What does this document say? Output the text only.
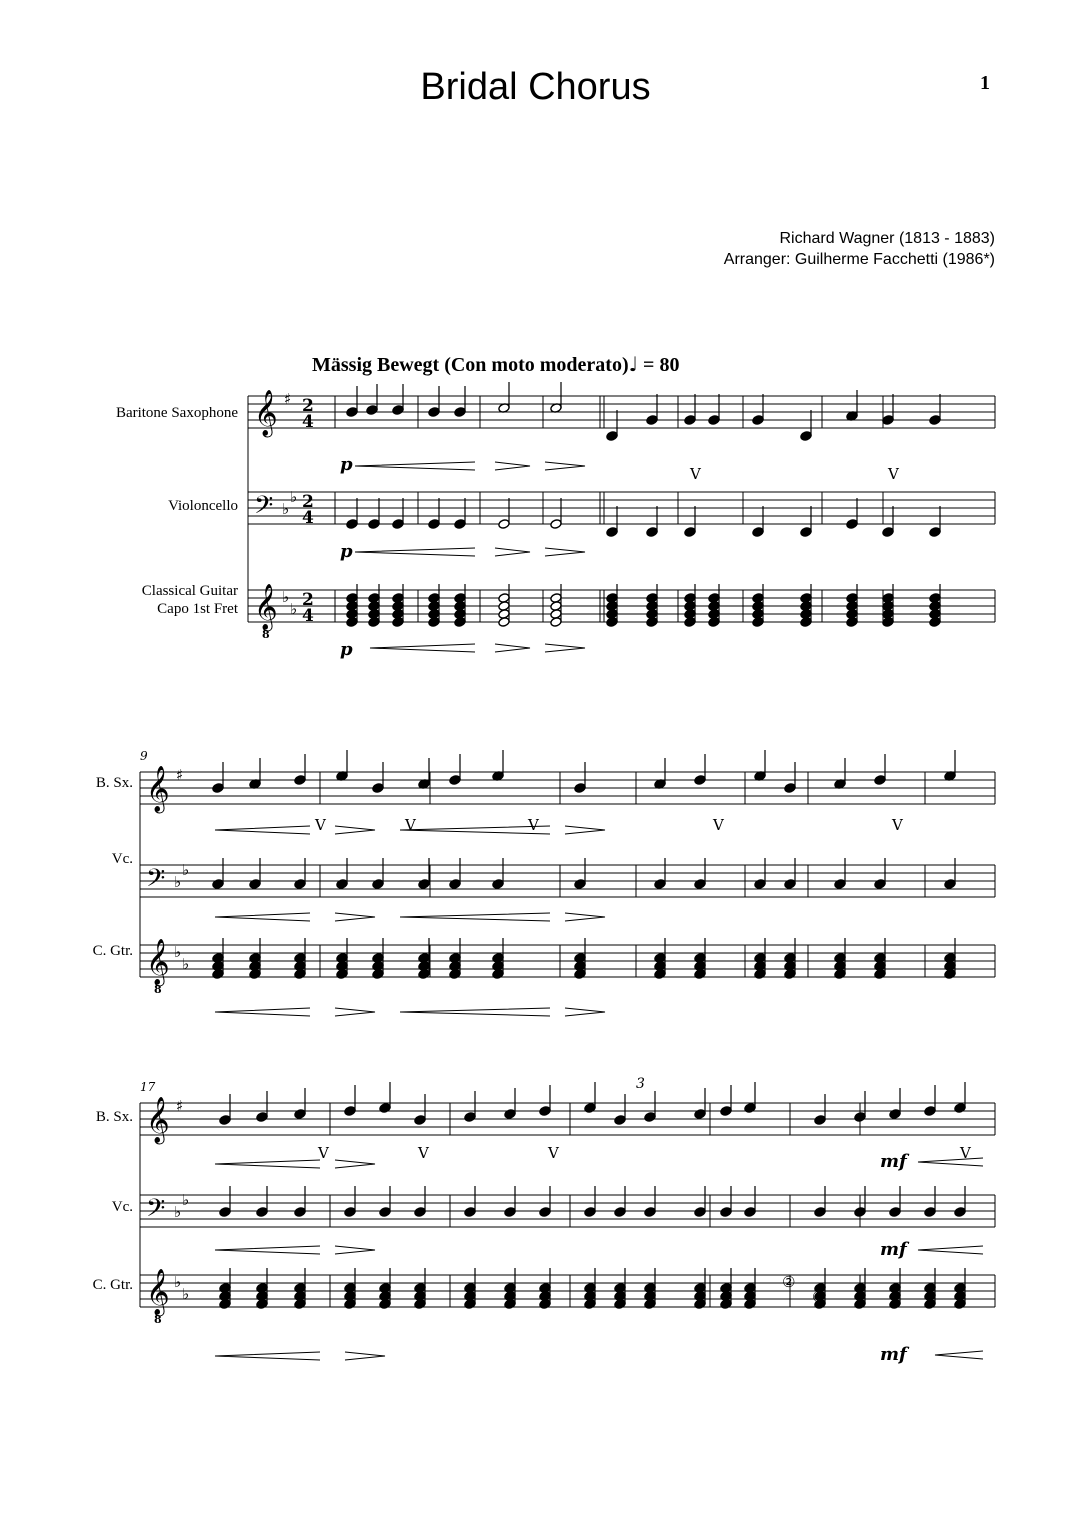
Bridal Chorus	1
Richard Wagner (1813 - 1883)
Arranger: Guilherme Facchetti (1986*)
Mässig Bewegt (Con moto moderato)♩ = 80
Baritone Saxophone
Violoncello
Classical Guitar
Capo 1st Fret
B. Sx.
Vc.
C. Gtr.
B. Sx.
Vc.
C. Gtr.
𝄞 ♯ 2
4
𝄢 ♭
♭ 2
4
𝄞
8
♭
♭ 2
4
𝄞 ♯
𝄢 ♭
♭
𝄞
8
♭
♭
9
𝄞 ♯
𝄢 ♭
♭
𝄞
8
♭
♭
17
p
p
p
mf
mf
mf
V	V
V	V	V	V	V
V	V	V	V
3
②
③
